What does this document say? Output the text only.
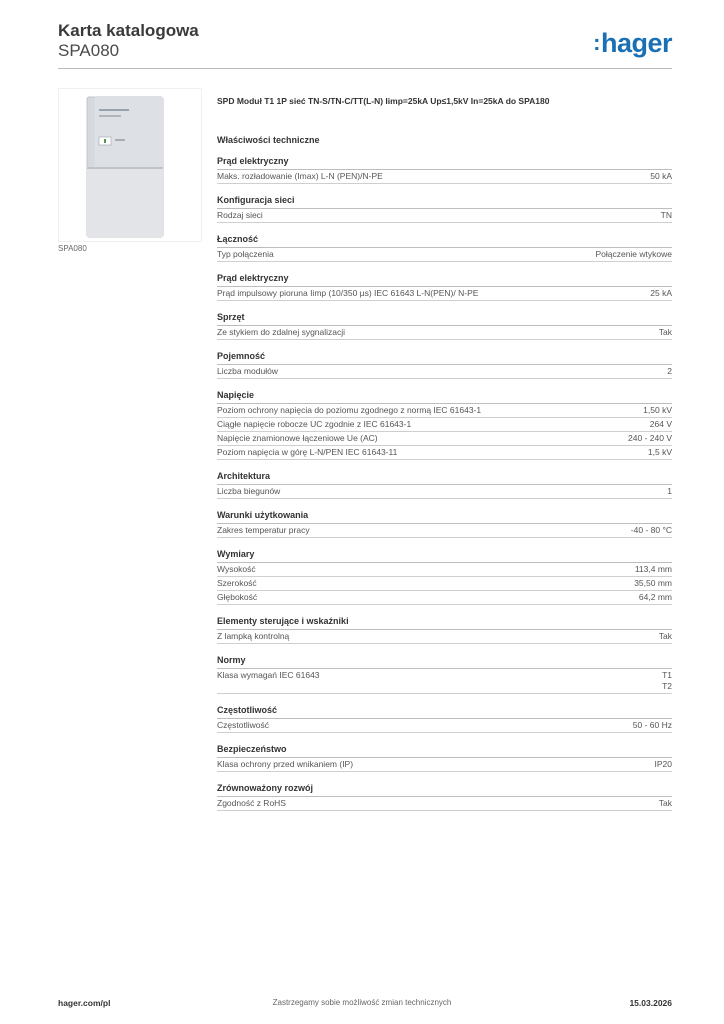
Karta katalogowa
SPA080	:hager
SPA080
SPD Moduł T1 1P sieć TN-S/TN-C/TT(L-N) Iimp=25kA Up≤1,5kV In=25kA do SPA180
Właściwości techniczne
Prąd elektryczny
Maks. rozładowanie (Imax) L-N (PEN)/N-PE	50 kA
Konfiguracja sieci
Rodzaj sieci	TN
Łączność
Typ połączenia	Połączenie wtykowe
Prąd elektryczny
Prąd impulsowy pioruna Iimp (10/350 µs) IEC 61643 L-N(PEN)/ N-PE	25 kA
Sprzęt
Ze stykiem do zdalnej sygnalizacji	Tak
Pojemność
Liczba modułów	2
Napięcie
Poziom ochrony napięcia do poziomu zgodnego z normą IEC 61643-1	1,50 kV
Ciągłe napięcie robocze UC zgodnie z IEC 61643-1	264 V
Napięcie znamionowe łączeniowe Ue (AC)	240 - 240 V
Poziom napięcia w górę L-N/PEN IEC 61643-11	1,5 kV
Architektura
Liczba biegunów	1
Warunki użytkowania
Zakres temperatur pracy	-40 - 80 °C
Wymiary
Wysokość	113,4 mm
Szerokość	35,50 mm
Głębokość	64,2 mm
Elementy sterujące i wskaźniki
Z lampką kontrolną	Tak
Normy
Klasa wymagań IEC 61643	T1
T2
Częstotliwość
Częstotliwość	50 - 60 Hz
Bezpieczeństwo
Klasa ochrony przed wnikaniem (IP)	IP20
Zrównoważony rozwój
Zgodność z RoHS	Tak
hager.com/pl	Zastrzegamy sobie możliwość zmian technicznych	15.03.2026
